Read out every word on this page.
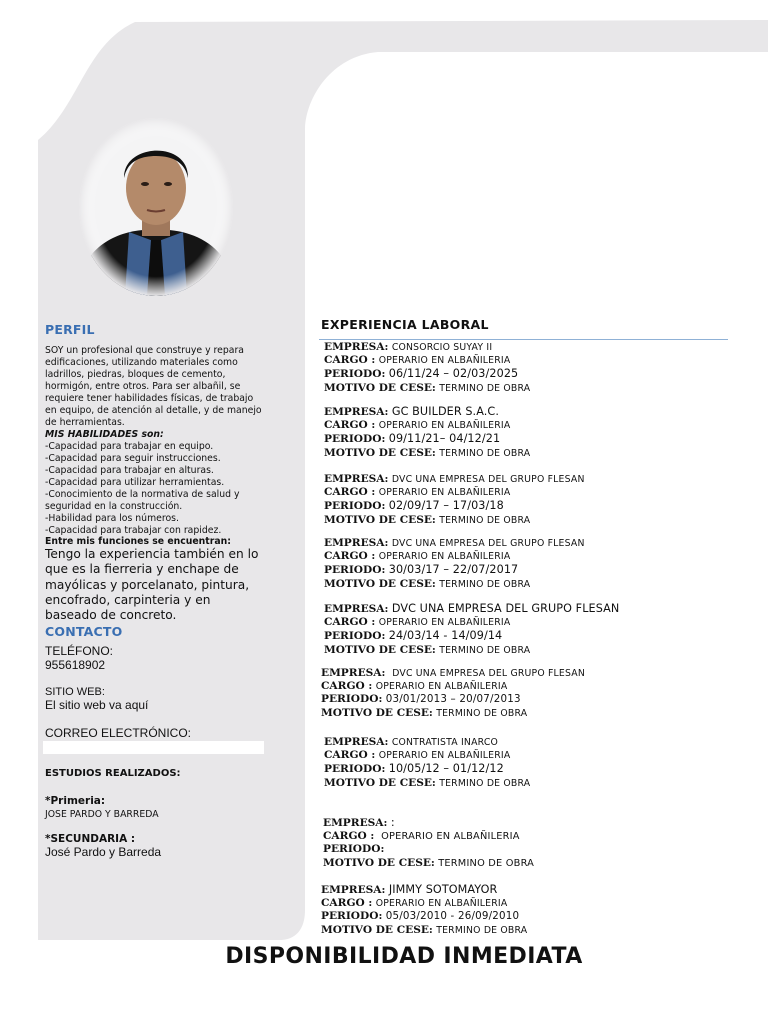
PERFIL
SOY un profesional que construye y repara edificaciones, utilizando materiales como ladrillos, piedras, bloques de cemento, hormigón, entre otros. Para ser albañil, se requiere tener habilidades físicas, de trabajo en equipo, de atención al detalle, y de manejo de herramientas.
MIS HABILIDADES son:
-Capacidad para trabajar en equipo.
-Capacidad para seguir instrucciones.
-Capacidad para trabajar en alturas.
-Capacidad para utilizar herramientas.
-Conocimiento de la normativa de salud y seguridad en la construcción.
-Habilidad para los números.
-Capacidad para trabajar con rapidez.
Entre mis funciones se encuentran:
Tengo la experiencia también en lo que es la fierreria y enchape de mayólicas y porcelanato, pintura, encofrado, carpinteria y en baseado de concreto.
CONTACTO
TELÉFONO:
955618902
SITIO WEB:
El sitio web va aquí
CORREO ELECTRÓNICO:
ESTUDIOS REALIZADOS:
*Primeria:
JOSE PARDO Y BARREDA
*SECUNDARIA :
José Pardo y Barreda
EXPERIENCIA LABORAL
EMPRESA: CONSORCIO SUYAY II
CARGO : OPERARIO EN ALBAÑILERIA
PERIODO: 06/11/24 – 02/03/2025
MOTIVO DE CESE: TERMINO DE OBRA
EMPRESA: GC BUILDER S.A.C.
CARGO : OPERARIO EN ALBAÑILERIA
PERIODO: 09/11/21– 04/12/21
MOTIVO DE CESE: TERMINO DE OBRA
EMPRESA: DVC UNA EMPRESA DEL GRUPO FLESAN
CARGO : OPERARIO EN ALBAÑILERIA
PERIODO: 02/09/17 – 17/03/18
MOTIVO DE CESE: TERMINO DE OBRA
EMPRESA: DVC UNA EMPRESA DEL GRUPO FLESAN
CARGO : OPERARIO EN ALBAÑILERIA
PERIODO: 30/03/17 – 22/07/2017
MOTIVO DE CESE: TERMINO DE OBRA
EMPRESA: DVC UNA EMPRESA DEL GRUPO FLESAN
CARGO : OPERARIO EN ALBAÑILERIA
PERIODO: 24/03/14 - 14/09/14
MOTIVO DE CESE: TERMINO DE OBRA
EMPRESA: DVC UNA EMPRESA DEL GRUPO FLESAN
CARGO : OPERARIO EN ALBAÑILERIA
PERIODO: 03/01/2013 – 20/07/2013
MOTIVO DE CESE: TERMINO DE OBRA
EMPRESA: CONTRATISTA INARCO
CARGO : OPERARIO EN ALBAÑILERIA
PERIODO: 10/05/12 – 01/12/12
MOTIVO DE CESE: TERMINO DE OBRA
EMPRESA: :
CARGO : OPERARIO EN ALBAÑILERIA
PERIODO:
MOTIVO DE CESE: TERMINO DE OBRA
EMPRESA: JIMMY SOTOMAYOR
CARGO : OPERARIO EN ALBAÑILERIA
PERIODO: 05/03/2010 - 26/09/2010
MOTIVO DE CESE: TERMINO DE OBRA
DISPONIBILIDAD INMEDIATA
